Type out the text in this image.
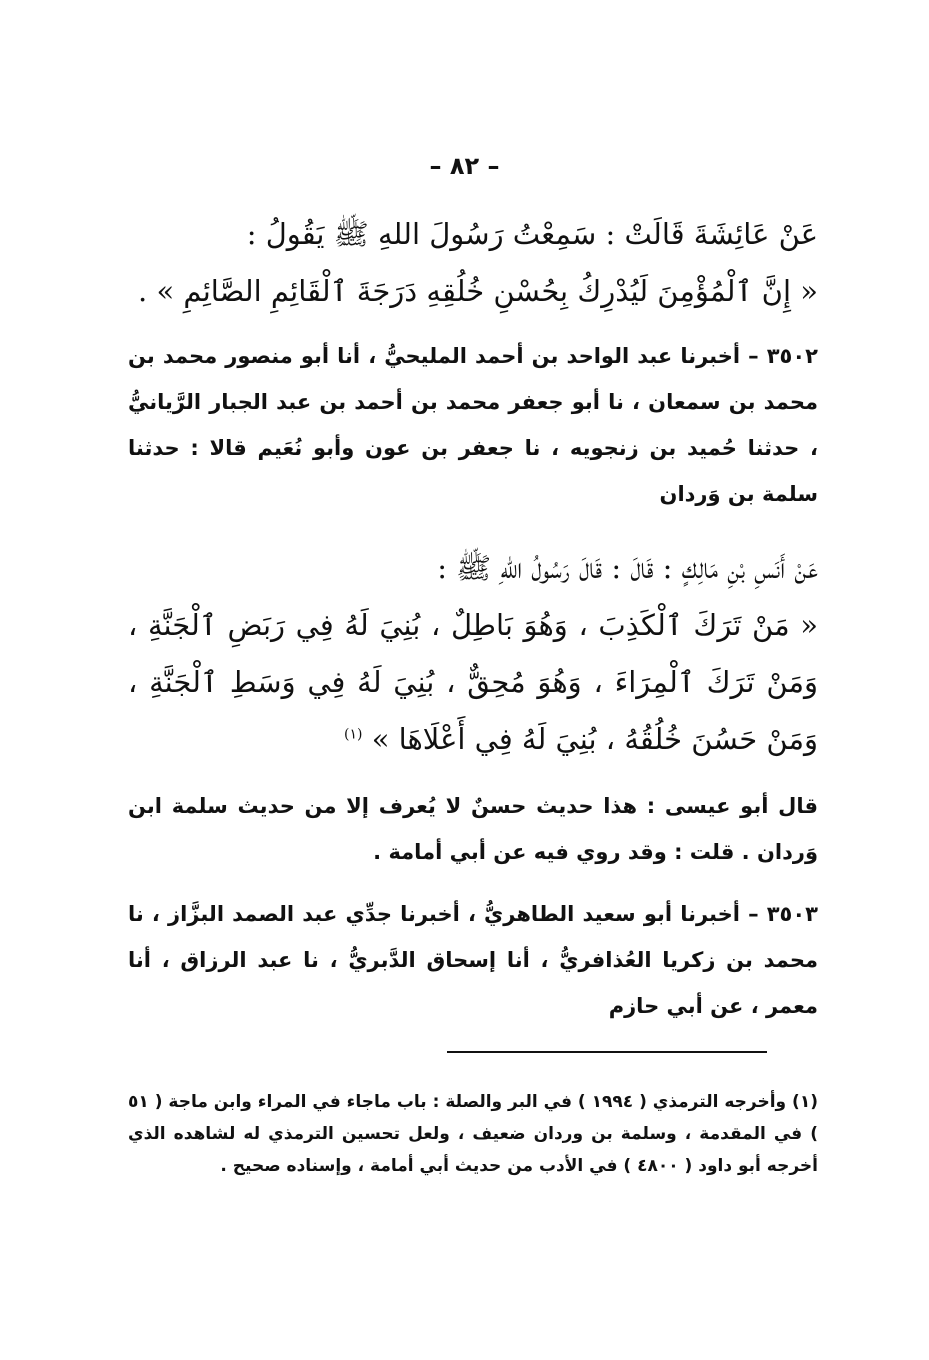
– ٨٢ –
عَنْ عَائِشَةَ قَالَتْ : سَمِعْتُ رَسُولَ اللهِ ﷺ يَقُولُ :
« إِنَّ ٱلْمُؤْمِنَ لَيُدْرِكُ بِحُسْنِ خُلُقِهِ دَرَجَةَ ٱلْقَائِمِ الصَّائِمِ » .
٣٥٠٢ – أخبرنا عبد الواحد بن أحمد المليحيُّ ، أنا أبو منصور محمد بن محمد بن سمعان ، نا أبو جعفر محمد بن أحمد بن عبد الجبار الرَّيانيُّ ، حدثنا حُميد بن زنجويه ، نا جعفر بن عون وأبو نُعَيم قالا : حدثنا سلمة بن وَردان
عَنْ أَنَسِ بْنِ مَالِكٍ : قَالَ : قَالَ رَسُولُ اللهِ ﷺ :
« مَنْ تَرَكَ ٱلْكَذِبَ ، وَهُوَ بَاطِلٌ ، بُنِيَ لَهُ فِي رَبَضِ ٱلْجَنَّةِ ، وَمَنْ تَرَكَ ٱلْمِرَاءَ ، وَهُوَ مُحِقٌّ ، بُنِيَ لَهُ فِي وَسَطِ ٱلْجَنَّةِ ، وَمَنْ حَسُنَ خُلُقُهُ ، بُنِيَ لَهُ فِي أَعْلَاهَا » $^{(١)}$
قال أبو عيسى : هذا حديث حسنٌ لا يُعرف إلا من حديث سلمة ابن وَردان . قلت : وقد روي فيه عن أبي أمامة .
٣٥٠٣ – أخبرنا أبو سعيد الطاهريُّ ، أخبرنا جدِّي عبد الصمد البزَّاز ، نا محمد بن زكريا العُذافريُّ ، أنا إسحاق الدَّبريُّ ، نا عبد الرزاق ، أنا معمر ، عن أبي حازم
(١) وأخرجه الترمذي ( ١٩٩٤ ) في البر والصلة : باب ماجاء في المراء وابن ماجة ( ٥١ ) في المقدمة ، وسلمة بن وردان ضعيف ، ولعل تحسين الترمذي له لشاهده الذي أخرجه أبو داود ( ٤٨٠٠ ) في الأدب من حديث أبي أمامة ، وإسناده صحيح .
